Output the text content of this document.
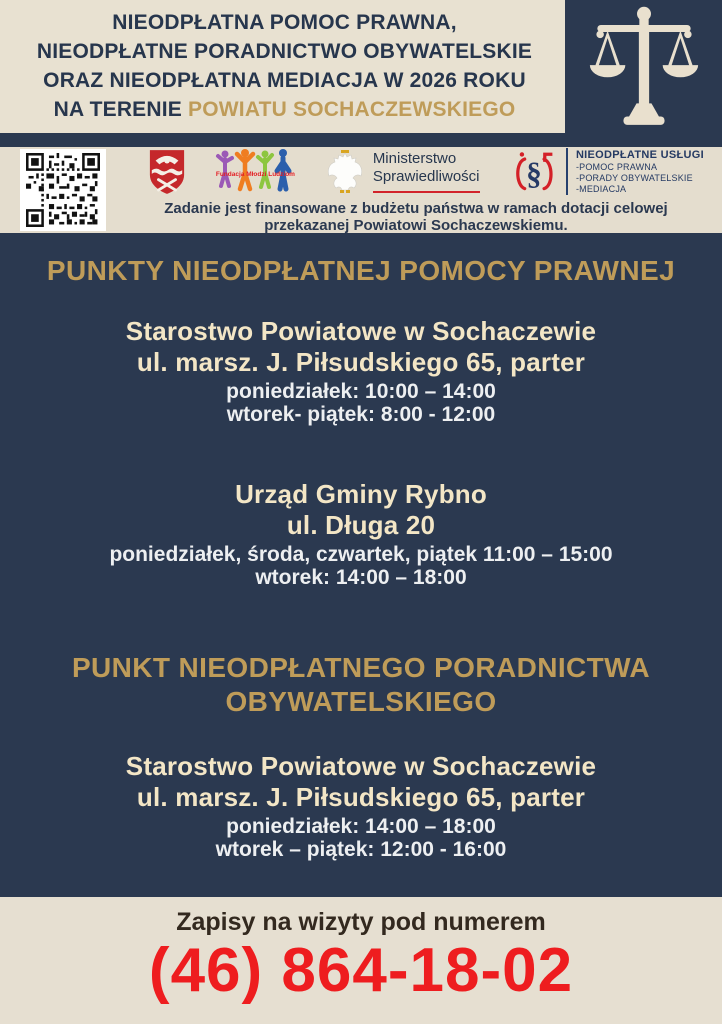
NIEODPŁATNA POMOC PRAWNA,
NIEODPŁATNE PORADNICTWO OBYWATELSKIE
ORAZ NIEODPŁATNA MEDIACJA W 2026 ROKU
NA TERENIE POWIATU SOCHACZEWSKIEGO
Fundacja Młodzi Ludziom
Ministerstwo
Sprawiedliwości §
NIEODPŁATNE USŁUGI
-POMOC PRAWNA
-PORADY OBYWATELSKIE
-MEDIACJA
Zadanie jest finansowane z budżetu państwa w ramach dotacji celowej
przekazanej Powiatowi Sochaczewskiemu.
PUNKTY NIEODPŁATNEJ POMOCY PRAWNEJ
Starostwo Powiatowe w Sochaczewie
ul. marsz. J. Piłsudskiego 65, parter
poniedziałek: 10:00 – 14:00
wtorek- piątek: 8:00 - 12:00
Urząd Gminy Rybno
ul. Długa 20
poniedziałek, środa, czwartek, piątek 11:00 – 15:00
wtorek: 14:00 – 18:00
PUNKT NIEODPŁATNEGO PORADNICTWA OBYWATELSKIEGO
Starostwo Powiatowe w Sochaczewie
ul. marsz. J. Piłsudskiego 65, parter
poniedziałek: 14:00 – 18:00
wtorek – piątek: 12:00 - 16:00
Zapisy na wizyty pod numerem
(46) 864-18-02
